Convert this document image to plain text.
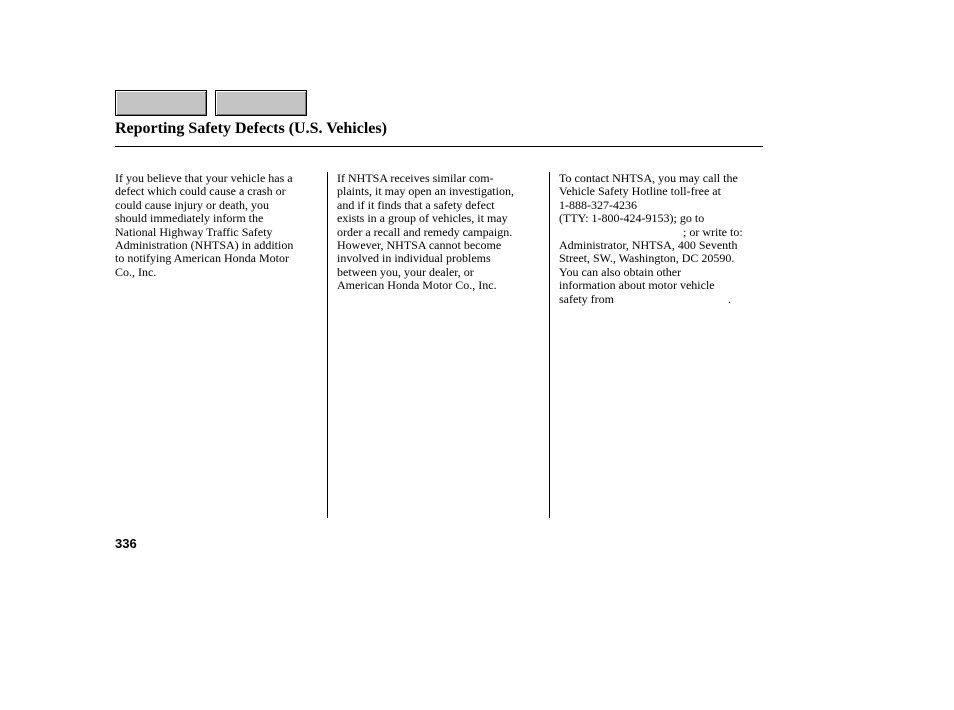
Reporting Safety Defects (U.S. Vehicles)
If you believe that your vehicle has a
defect which could cause a crash or
could cause injury or death, you
should immediately inform the
National Highway Traffic Safety
Administration (NHTSA) in addition
to notifying American Honda Motor
Co., Inc.
If NHTSA receives similar com-
plaints, it may open an investigation,
and if it finds that a safety defect
exists in a group of vehicles, it may
order a recall and remedy campaign.
However, NHTSA cannot become
involved in individual problems
between you, your dealer, or
American Honda Motor Co., Inc.
To contact NHTSA, you may call the
Vehicle Safety Hotline toll-free at
1-888-327-4236
(TTY: 1-800-424-9153); go to
; or write to:
Administrator, NHTSA, 400 Seventh
Street, SW., Washington, DC 20590.
You can also obtain other
information about motor vehicle
safety from	.

336
